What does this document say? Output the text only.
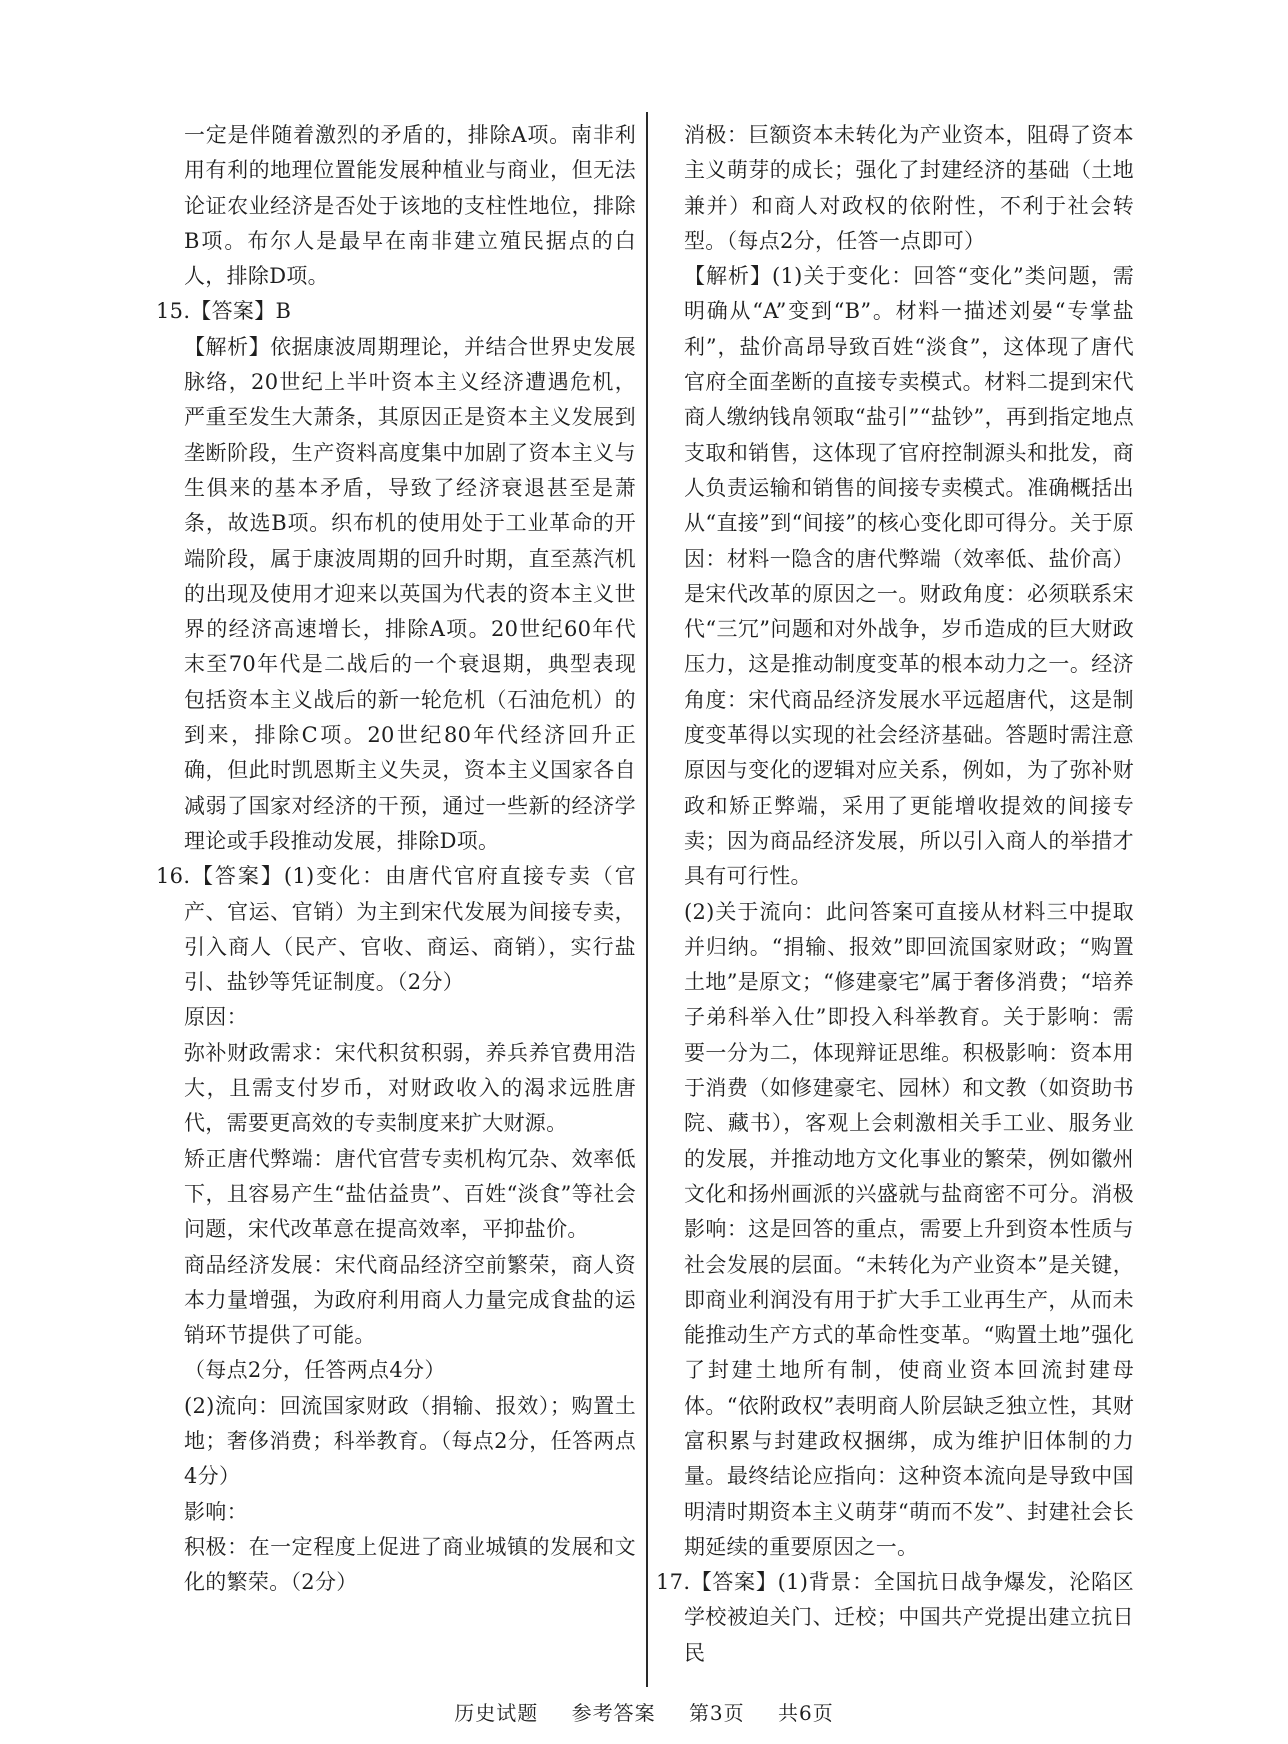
一定是伴随着激烈的矛盾的，排除A项。南非利用有利的地理位置能发展种植业与商业，但无法论证农业经济是否处于该地的支柱性地位，排除B项。布尔人是最早在南非建立殖民据点的白人，排除D项。

15.【答案】B

【解析】依据康波周期理论，并结合世界史发展脉络，20世纪上半叶资本主义经济遭遇危机，严重至发生大萧条，其原因正是资本主义发展到垄断阶段，生产资料高度集中加剧了资本主义与生俱来的基本矛盾，导致了经济衰退甚至是萧条，故选B项。织布机的使用处于工业革命的开端阶段，属于康波周期的回升时期，直至蒸汽机的出现及使用才迎来以英国为代表的资本主义世界的经济高速增长，排除A项。20世纪60年代末至70年代是二战后的一个衰退期，典型表现包括资本主义战后的新一轮危机（石油危机）的到来，排除C项。20世纪80年代经济回升正确，但此时凯恩斯主义失灵，资本主义国家各自减弱了国家对经济的干预，通过一些新的经济学理论或手段推动发展，排除D项。

16.【答案】(1)变化：由唐代官府直接专卖（官产、官运、官销）为主到宋代发展为间接专卖，引入商人（民产、官收、商运、商销），实行盐引、盐钞等凭证制度。（2分）

原因：

弥补财政需求：宋代积贫积弱，养兵养官费用浩大，且需支付岁币，对财政收入的渴求远胜唐代，需要更高效的专卖制度来扩大财源。

矫正唐代弊端：唐代官营专卖机构冗杂、效率低下，且容易产生“盐估益贵”、百姓“淡食”等社会问题，宋代改革意在提高效率，平抑盐价。

商品经济发展：宋代商品经济空前繁荣，商人资本力量增强，为政府利用商人力量完成食盐的运销环节提供了可能。

（每点2分，任答两点4分）

(2)流向：回流国家财政（捐输、报效）；购置土地；奢侈消费；科举教育。（每点2分，任答两点4分）

影响：

积极：在一定程度上促进了商业城镇的发展和文化的繁荣。（2分）

消极：巨额资本未转化为产业资本，阻碍了资本主义萌芽的成长；强化了封建经济的基础（土地兼并）和商人对政权的依附性，不利于社会转型。（每点2分，任答一点即可）

【解析】(1)关于变化：回答“变化”类问题，需明确从“A”变到“B”。材料一描述刘晏“专掌盐利”，盐价高昂导致百姓“淡食”，这体现了唐代官府全面垄断的直接专卖模式。材料二提到宋代商人缴纳钱帛领取“盐引”“盐钞”，再到指定地点支取和销售，这体现了官府控制源头和批发，商人负责运输和销售的间接专卖模式。准确概括出从“直接”到“间接”的核心变化即可得分。关于原因：材料一隐含的唐代弊端（效率低、盐价高）是宋代改革的原因之一。财政角度：必须联系宋代“三冗”问题和对外战争，岁币造成的巨大财政压力，这是推动制度变革的根本动力之一。经济角度：宋代商品经济发展水平远超唐代，这是制度变革得以实现的社会经济基础。答题时需注意原因与变化的逻辑对应关系，例如，为了弥补财政和矫正弊端，采用了更能增收提效的间接专卖；因为商品经济发展，所以引入商人的举措才具有可行性。

(2)关于流向：此问答案可直接从材料三中提取并归纳。“捐输、报效”即回流国家财政；“购置土地”是原文；“修建豪宅”属于奢侈消费；“培养子弟科举入仕”即投入科举教育。关于影响：需要一分为二，体现辩证思维。积极影响：资本用于消费（如修建豪宅、园林）和文教（如资助书院、藏书），客观上会刺激相关手工业、服务业的发展，并推动地方文化事业的繁荣，例如徽州文化和扬州画派的兴盛就与盐商密不可分。消极影响：这是回答的重点，需要上升到资本性质与社会发展的层面。“未转化为产业资本”是关键，即商业利润没有用于扩大手工业再生产，从而未能推动生产方式的革命性变革。“购置土地”强化了封建土地所有制，使商业资本回流封建母体。“依附政权”表明商人阶层缺乏独立性，其财富积累与封建政权捆绑，成为维护旧体制的力量。最终结论应指向：这种资本流向是导致中国明清时期资本主义萌芽“萌而不发”、封建社会长期延续的重要原因之一。

17.【答案】(1)背景：全国抗日战争爆发，沦陷区学校被迫关门、迁校；中国共产党提出建立抗日民

历史试题 参考答案 第3页 共6页
